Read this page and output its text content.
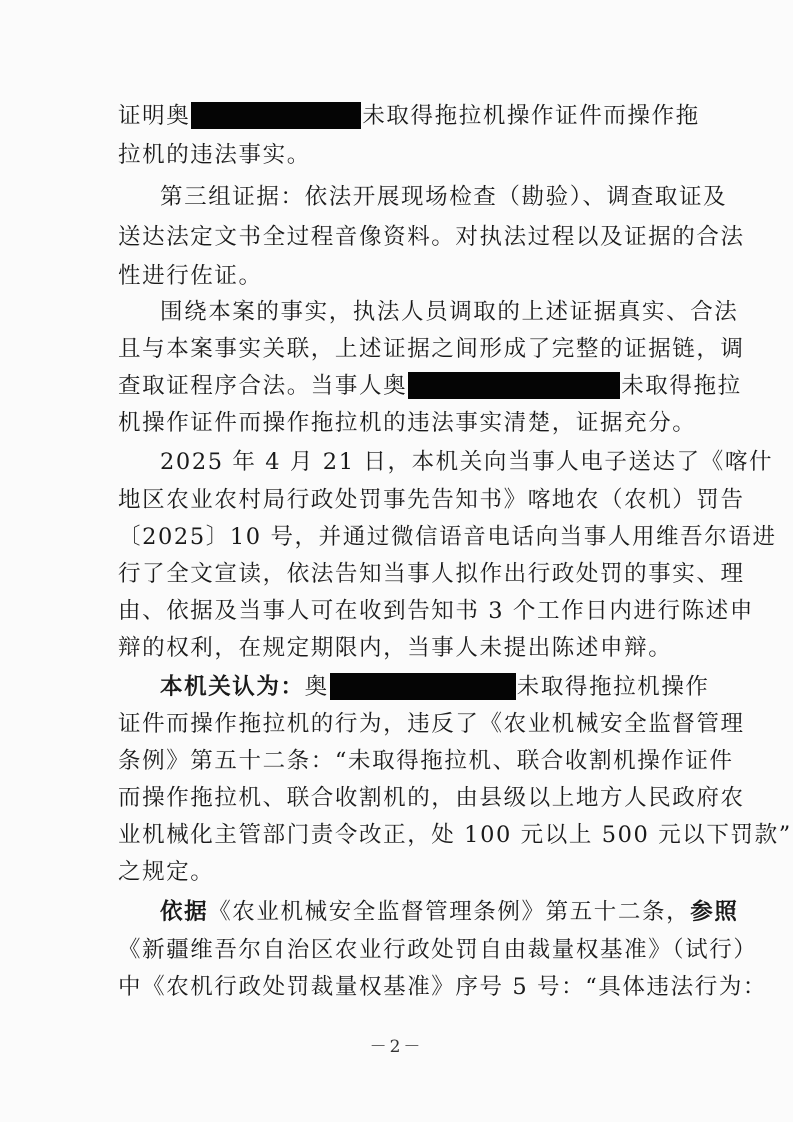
证明奥	未取得拖拉机操作证件而操作拖
拉机的违法事实。
第三组证据：依法开展现场检查（勘验）、调查取证及
送达法定文书全过程音像资料。对执法过程以及证据的合法
性进行佐证。
围绕本案的事实，执法人员调取的上述证据真实、合法
且与本案事实关联，上述证据之间形成了完整的证据链，调
查取证程序合法。当事人奥	未取得拖拉
机操作证件而操作拖拉机的违法事实清楚，证据充分。
2025 年 4 月 21 日，本机关向当事人电子送达了《喀什
地区农业农村局行政处罚事先告知书》喀地农（农机）罚告
〔2025〕10 号，并通过微信语音电话向当事人用维吾尔语进
行了全文宣读，依法告知当事人拟作出行政处罚的事实、理
由、依据及当事人可在收到告知书 3 个工作日内进行陈述申
辩的权利，在规定期限内，当事人未提出陈述申辩。
本机关认为：奥	未取得拖拉机操作
证件而操作拖拉机的行为，违反了《农业机械安全监督管理
条例》第五十二条：“未取得拖拉机、联合收割机操作证件
而操作拖拉机、联合收割机的，由县级以上地方人民政府农
业机械化主管部门责令改正，处 100 元以上 500 元以下罚款”
之规定。
依据《农业机械安全监督管理条例》第五十二条，参照
《新疆维吾尔自治区农业行政处罚自由裁量权基准》（试行）
中《农机行政处罚裁量权基准》序号 5 号：“具体违法行为：
－2－
